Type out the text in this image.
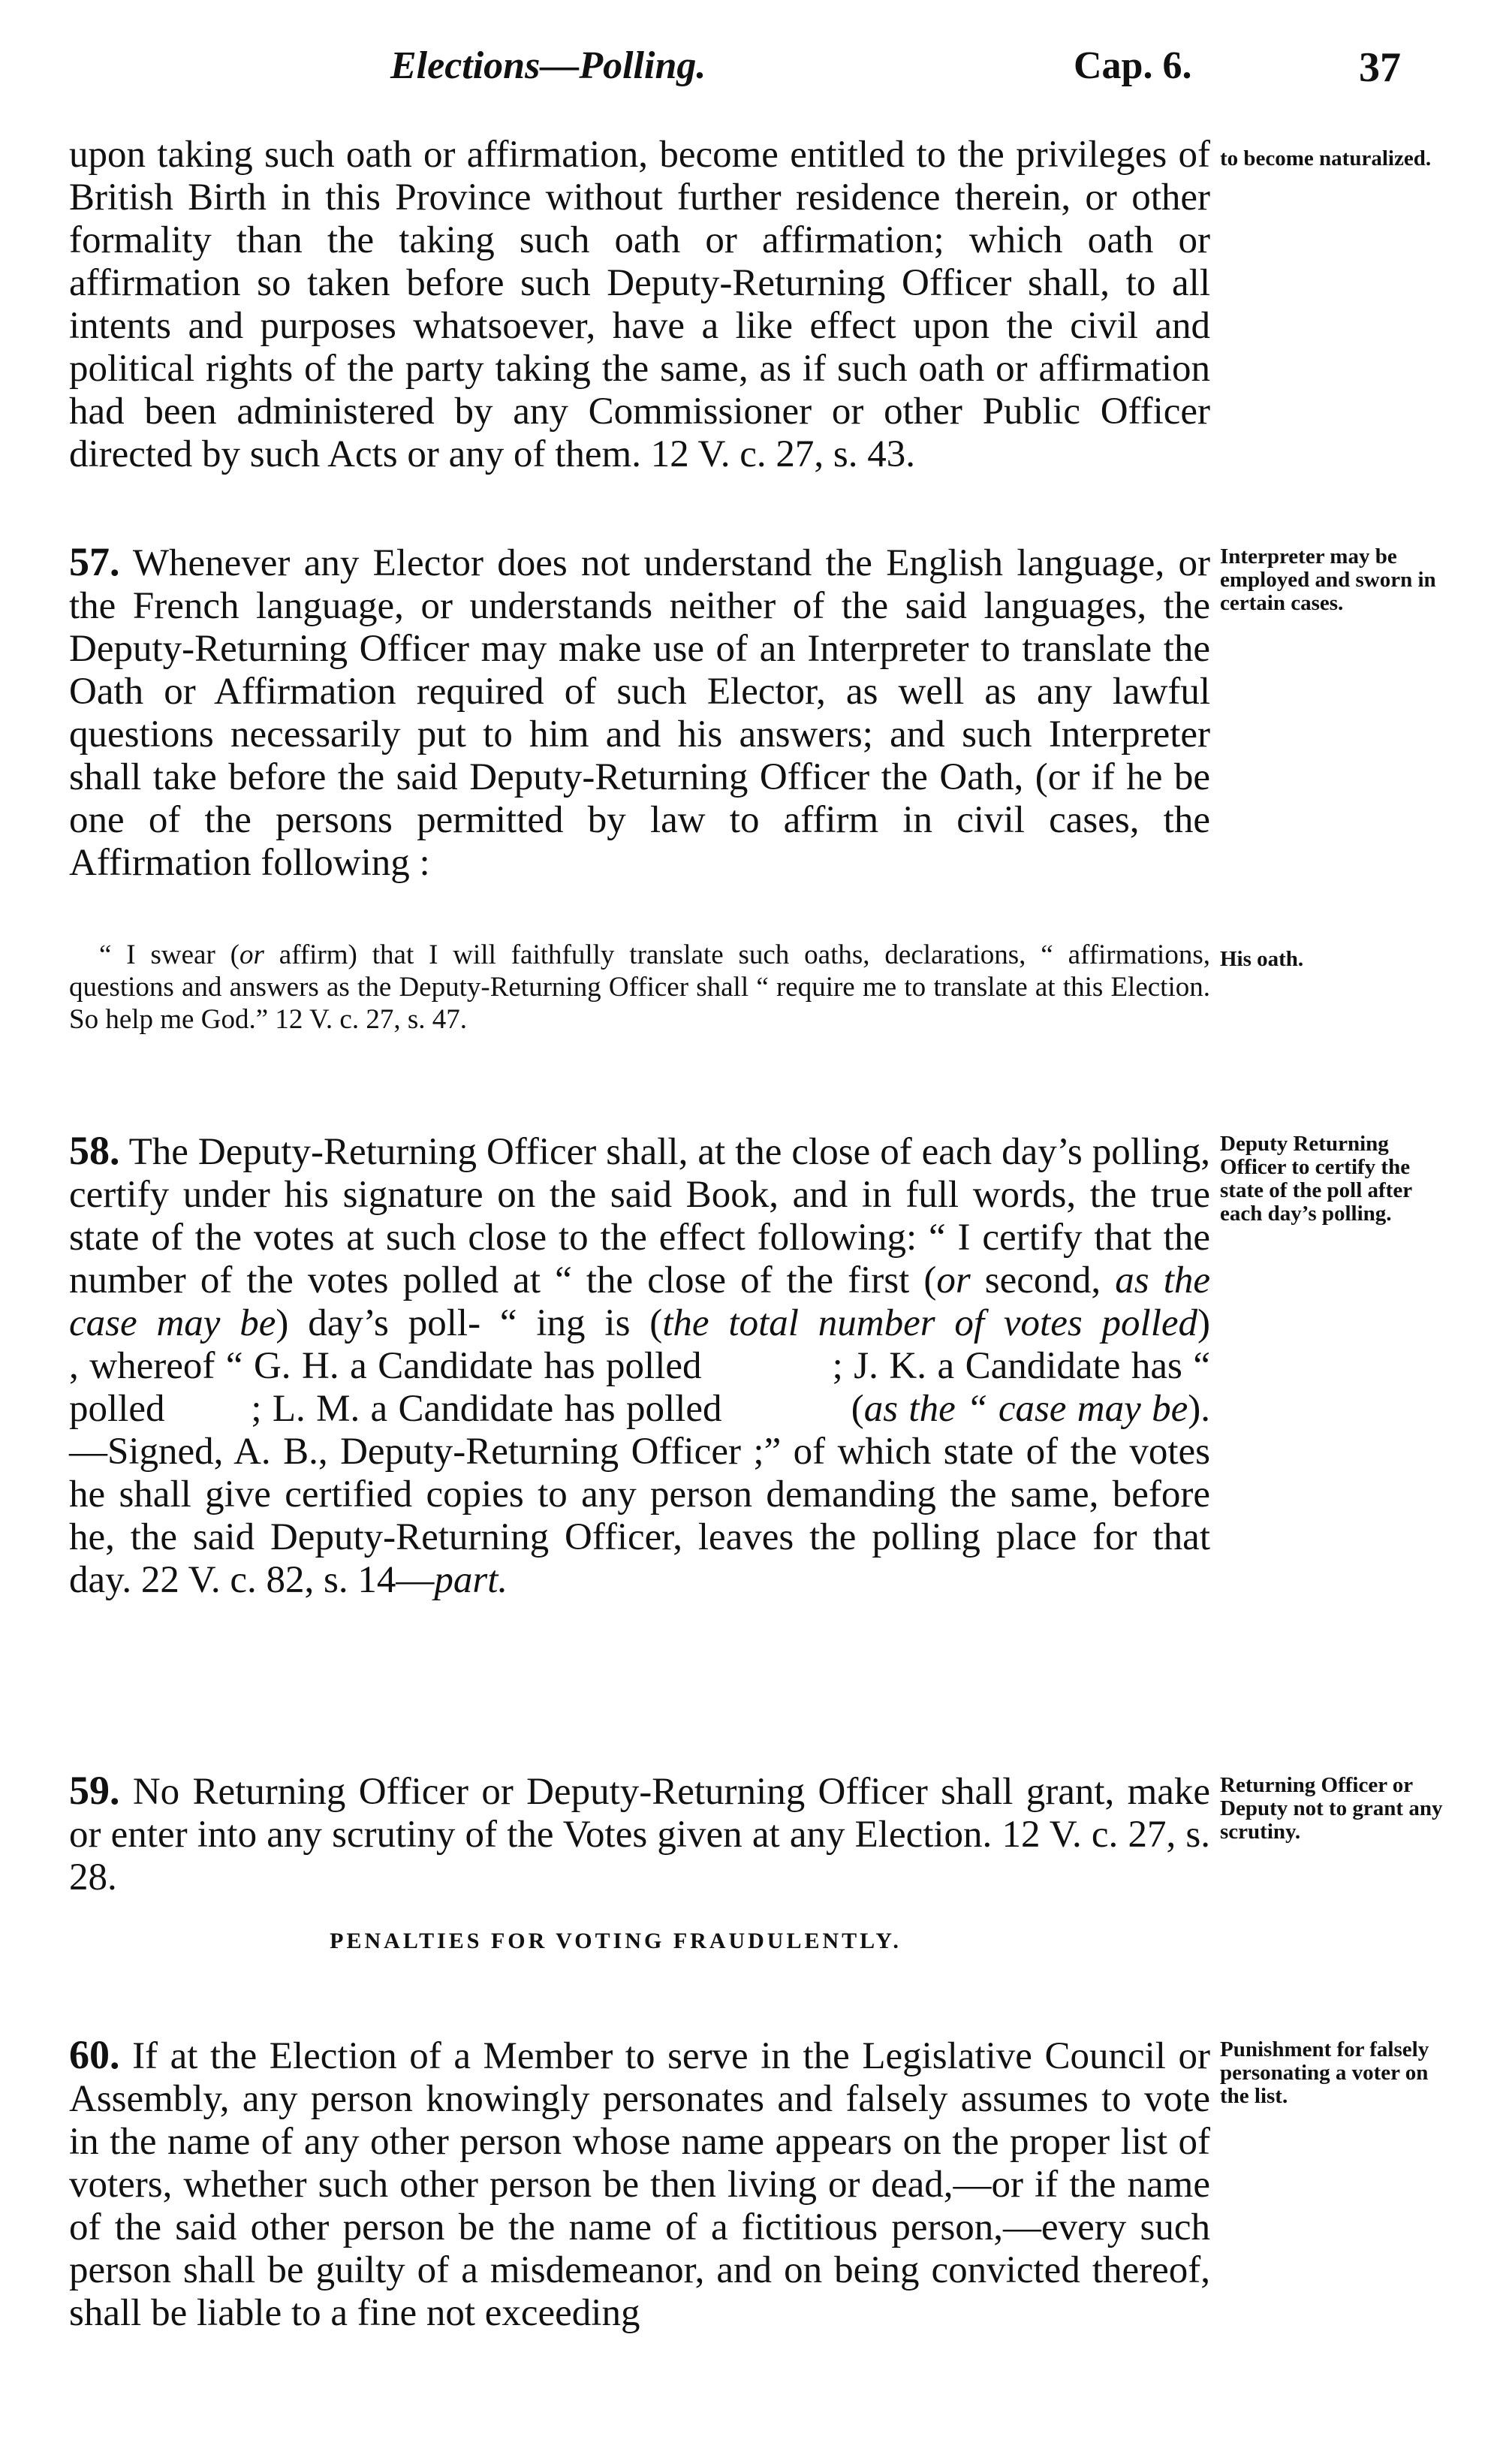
Elections—Polling.	Cap. 6.	37
upon taking such oath or affirmation, become entitled to the privileges of British Birth in this Province without further residence therein, or other formality than the taking such oath or affirmation; which oath or affirmation so taken before such Deputy-Returning Officer shall, to all intents and purposes whatsoever, have a like effect upon the civil and political rights of the party taking the same, as if such oath or affirmation had been administered by any Commissioner or other Public Officer directed by such Acts or any of them. 12 V. c. 27, s. 43.
to become naturalized.
57. Whenever any Elector does not understand the English language, or the French language, or understands neither of the said languages, the Deputy-Returning Officer may make use of an Interpreter to translate the Oath or Affirmation required of such Elector, as well as any lawful questions necessarily put to him and his answers; and such Interpreter shall take before the said Deputy-Returning Officer the Oath, (or if he be one of the persons permitted by law to affirm in civil cases, the Affirmation following :
Interpreter may be employed and sworn in certain cases.
“ I swear (or affirm) that I will faithfully translate such oaths, declarations, “ affirmations, questions and answers as the Deputy-Returning Officer shall “ require me to translate at this Election. So help me God.” 12 V. c. 27, s. 47.
His oath.
58. The Deputy-Returning Officer shall, at the close of each day’s polling, certify under his signature on the said Book, and in full words, the true state of the votes at such close to the effect following: “ I certify that the number of the votes polled at “ the close of the first (or second, as the case may be) day’s poll- “ ing is (the total number of votes polled)                , whereof “ G. H. a Candidate has polled            ; J. K. a Candidate has “ polled        ; L. M. a Candidate has polled            (as the “ case may be).—Signed, A. B., Deputy-Returning Officer ;” of which state of the votes he shall give certified copies to any person demanding the same, before he, the said Deputy-Returning Officer, leaves the polling place for that day. 22 V. c. 82, s. 14—part.
Deputy Returning Officer to certify the state of the poll after each day’s polling.
59. No Returning Officer or Deputy-Returning Officer shall grant, make or enter into any scrutiny of the Votes given at any Election. 12 V. c. 27, s. 28.
Returning Officer or Deputy not to grant any scrutiny.
PENALTIES FOR VOTING FRAUDULENTLY.
60. If at the Election of a Member to serve in the Legislative Council or Assembly, any person knowingly personates and falsely assumes to vote in the name of any other person whose name appears on the proper list of voters, whether such other person be then living or dead,—or if the name of the said other person be the name of a fictitious person,—every such person shall be guilty of a misdemeanor, and on being convicted thereof, shall be liable to a fine not exceeding
Punishment for falsely personating a voter on the list.
